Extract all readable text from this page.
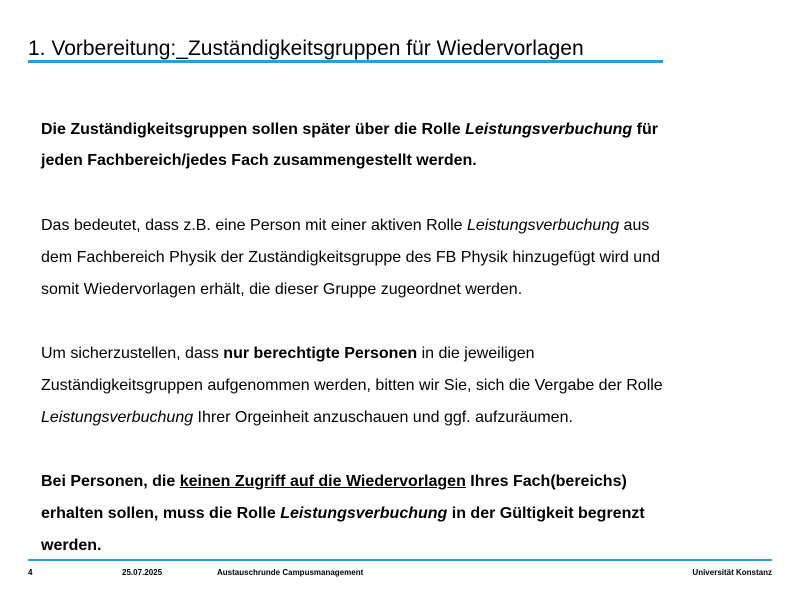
1. Vorbereitung:_Zuständigkeitsgruppen für Wiedervorlagen
Die Zuständigkeitsgruppen sollen später über die Rolle Leistungsverbuchung für
jeden Fachbereich/jedes Fach zusammengestellt werden.
Das bedeutet, dass z.B. eine Person mit einer aktiven Rolle Leistungsverbuchung aus
dem Fachbereich Physik der Zuständigkeitsgruppe des FB Physik hinzugefügt wird und
somit Wiedervorlagen erhält, die dieser Gruppe zugeordnet werden.
Um sicherzustellen, dass nur berechtigte Personen in die jeweiligen
Zuständigkeitsgruppen aufgenommen werden, bitten wir Sie, sich die Vergabe der Rolle
Leistungsverbuchung Ihrer Orgeinheit anzuschauen und ggf. aufzuräumen.
Bei Personen, die keinen Zugriff auf die Wiedervorlagen Ihres Fach(bereichs)
erhalten sollen, muss die Rolle Leistungsverbuchung in der Gültigkeit begrenzt
werden.
4	25.07.2025	Austauschrunde Campusmanagement	Universität Konstanz
